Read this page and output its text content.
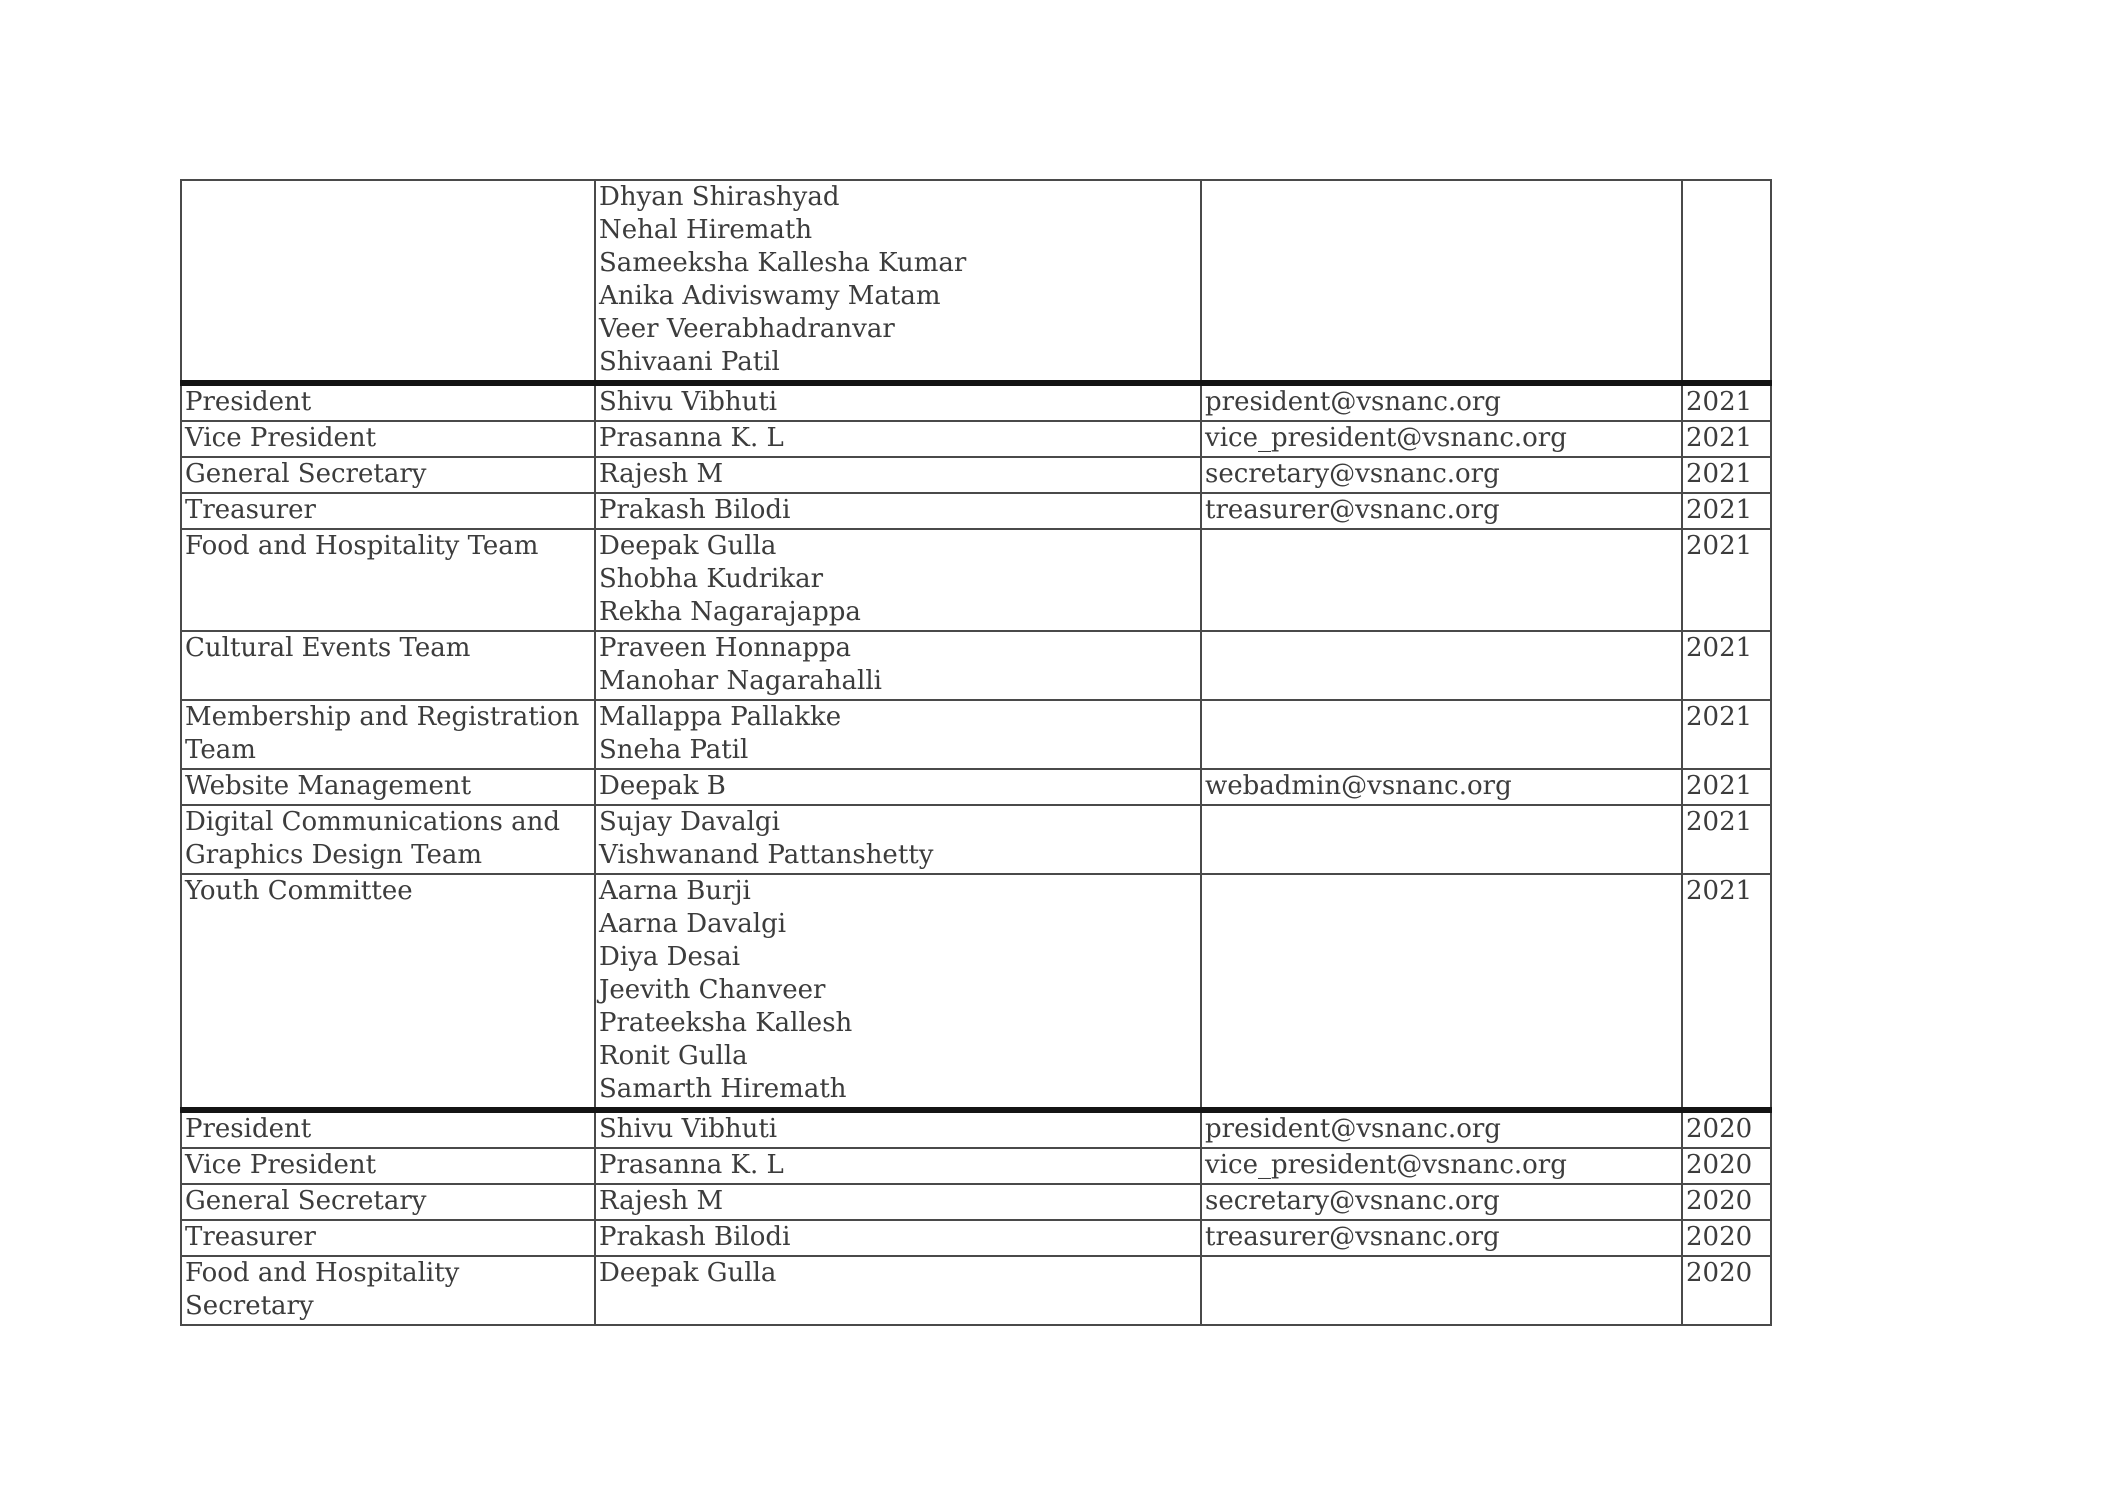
Dhyan Shirashyad
Nehal Hiremath
Sameeksha Kallesha Kumar
Anika Adiviswamy Matam
Veer Veerabhadranvar
Shivaani Patil

President	Shivu Vibhuti	president@vsnanc.org	2021
Vice President	Prasanna K. L	vice_president@vsnanc.org	2021
General Secretary	Rajesh M	secretary@vsnanc.org	2021
Treasurer	Prakash Bilodi	treasurer@vsnanc.org	2021
Food and Hospitality Team	Deepak Gulla
Shobha Kudrikar
Rekha Nagarajappa		2021
Cultural Events Team	Praveen Honnappa
Manohar Nagarahalli		2021
Membership and Registration Team	Mallappa Pallakke
Sneha Patil		2021
Website Management	Deepak B	webadmin@vsnanc.org	2021
Digital Communications and Graphics Design Team	Sujay Davalgi
Vishwanand Pattanshetty		2021
Youth Committee	Aarna Burji
Aarna Davalgi
Diya Desai
Jeevith Chanveer
Prateeksha Kallesh
Ronit Gulla
Samarth Hiremath
		2021
President	Shivu Vibhuti	president@vsnanc.org	2020
Vice President	Prasanna K. L	vice_president@vsnanc.org	2020
General Secretary	Rajesh M	secretary@vsnanc.org	2020
Treasurer	Prakash Bilodi	treasurer@vsnanc.org	2020
Food and Hospitality Secretary	Deepak Gulla		2020
